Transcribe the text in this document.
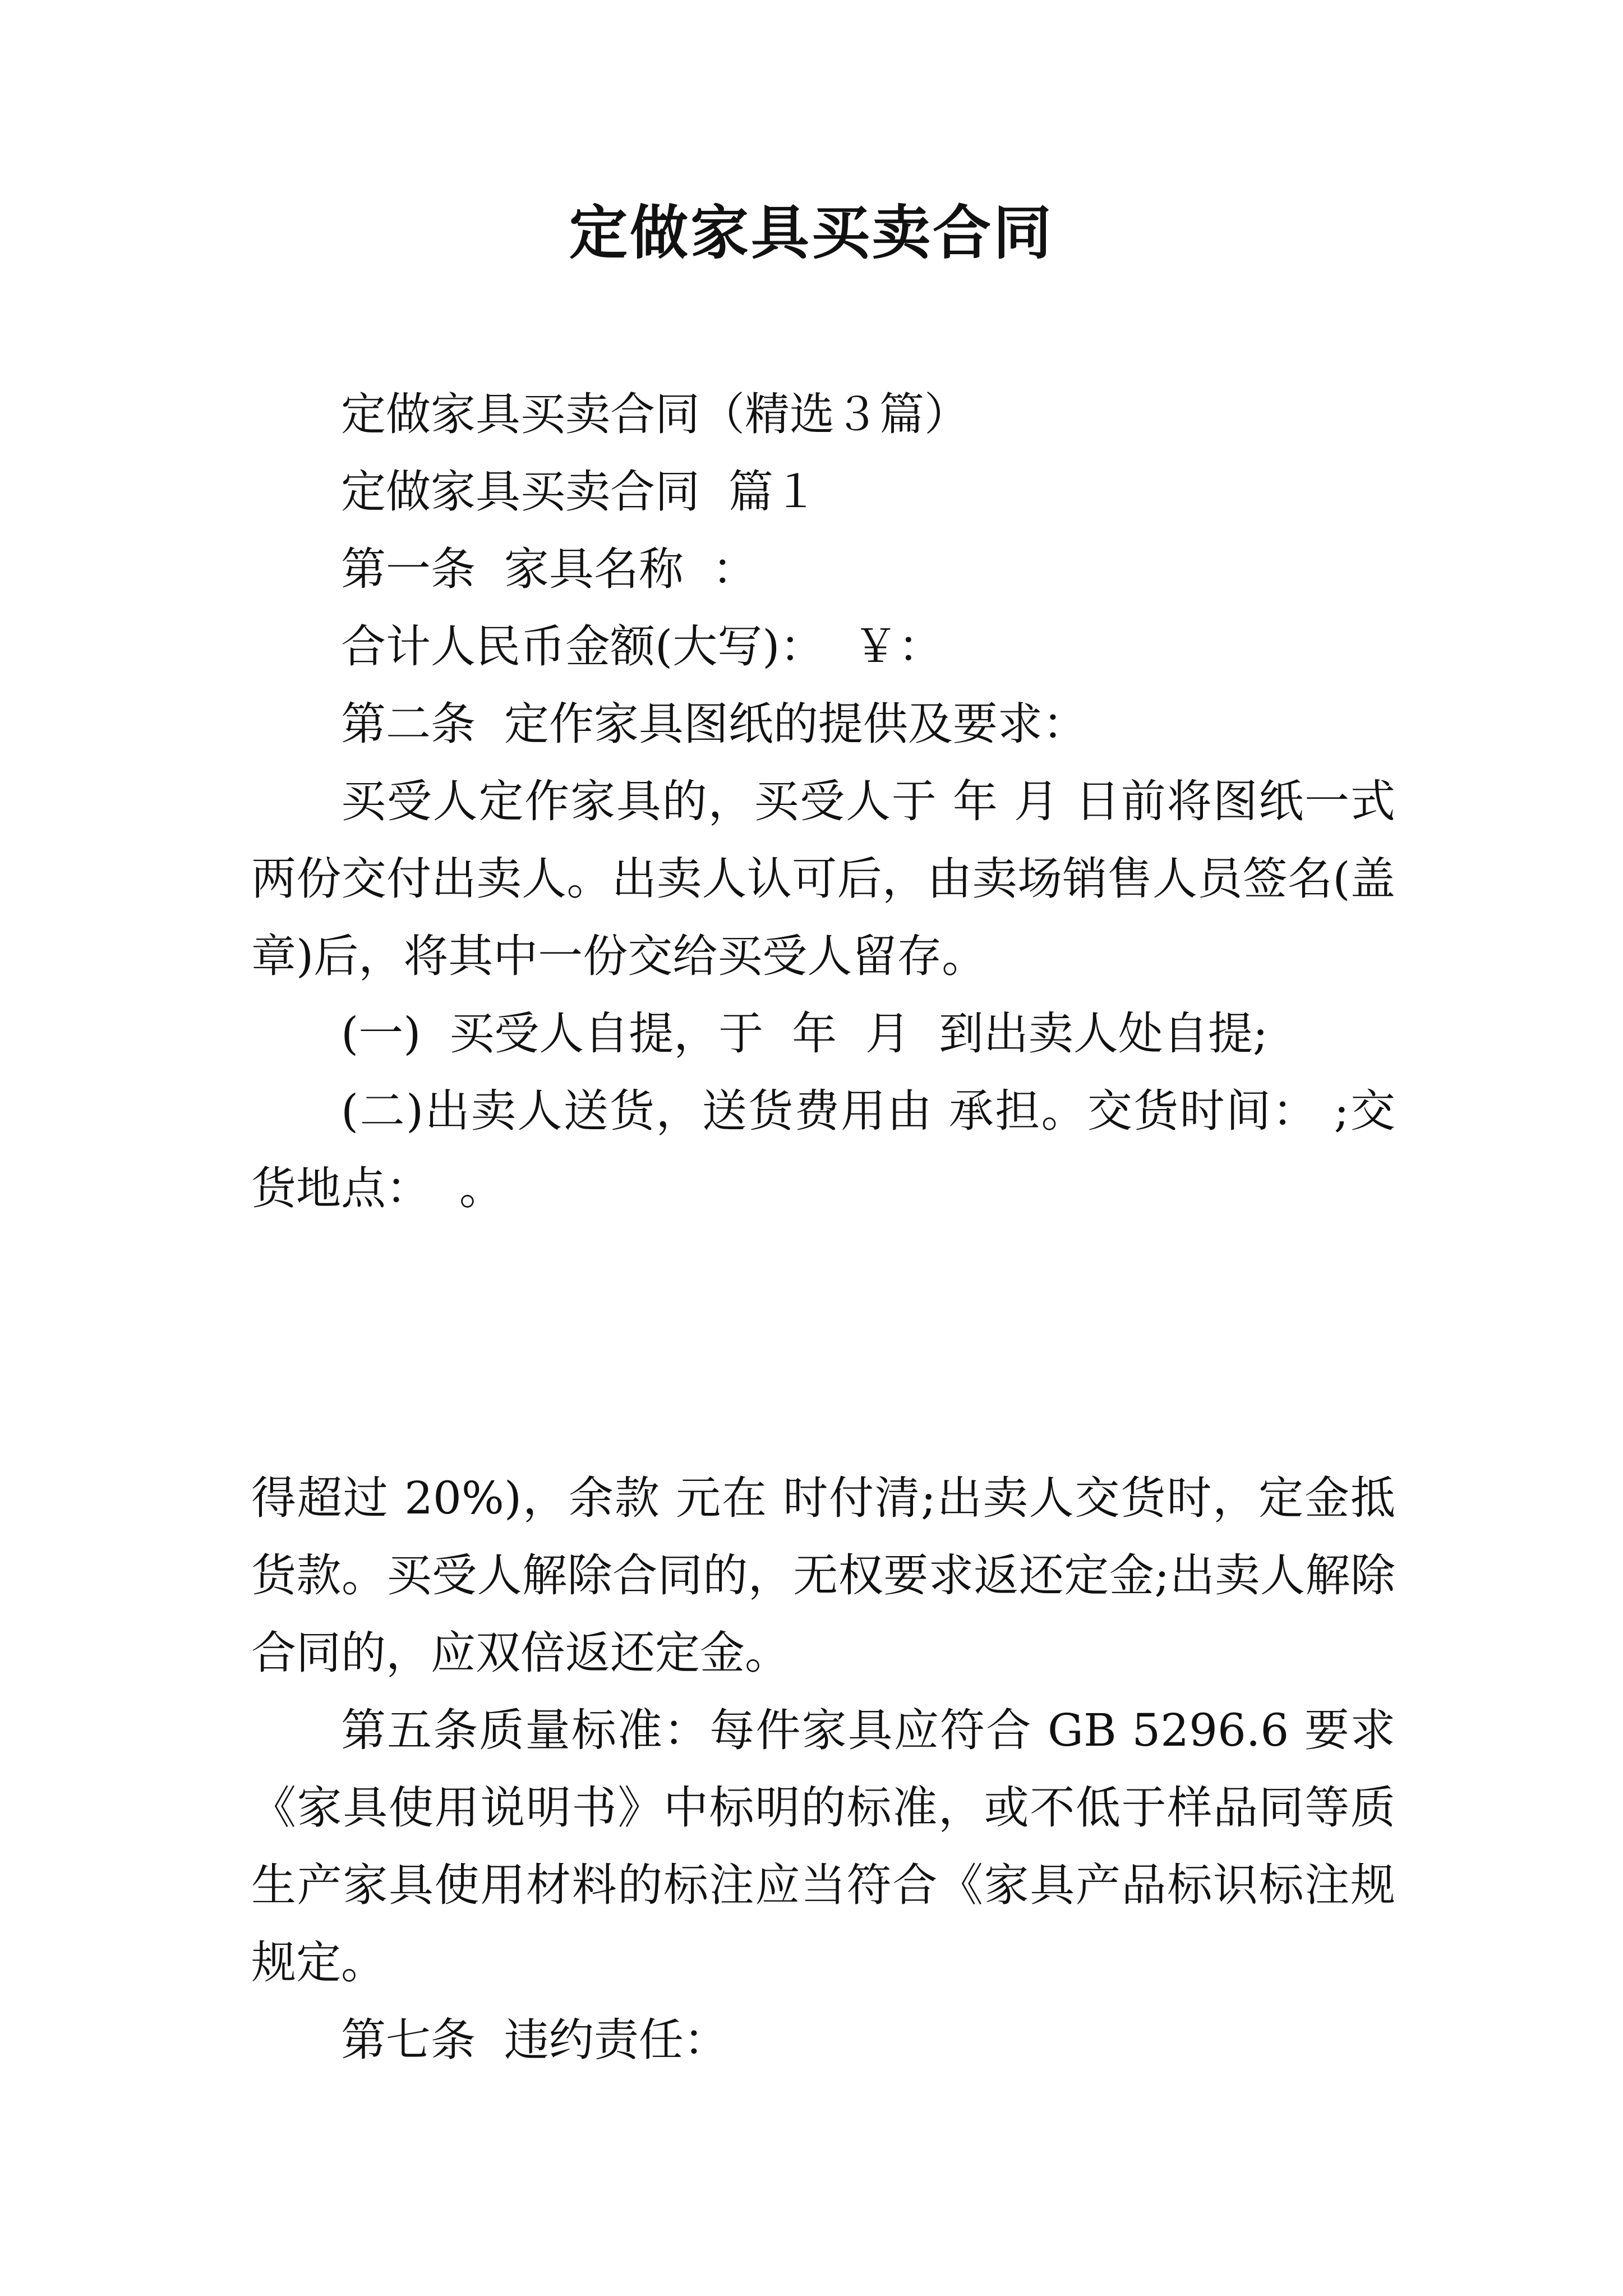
定做家具买卖合同
定做家具买卖合同（精选３篇）
定做家具买卖合同  篇１
第一条  家具名称  ：
合计人民币金额(大写)：  ￥：
第二条  定作家具图纸的提供及要求：
买受人定作家具的，买受人于 年 月 日前将图纸一式
两份交付出卖人。出卖人认可后，由卖场销售人员签名(盖
章)后，将其中一份交给买受人留存。
(一)  买受人自提，于  年  月  到出卖人处自提;
(二)出卖人送货，送货费用由 承担。交货时间： ;交
货地点：  。

得超过 20%)，余款 元在 时付清;出卖人交货时，定金抵
货款。买受人解除合同的，无权要求返还定金;出卖人解除
合同的，应双倍返还定金。
第五条质量标准：每件家具应符合 GB 5296.6 要求
《家具使用说明书》中标明的标准，或不低于样品同等质
生产家具使用材料的标注应当符合《家具产品标识标注规
规定。
第七条  违约责任：
